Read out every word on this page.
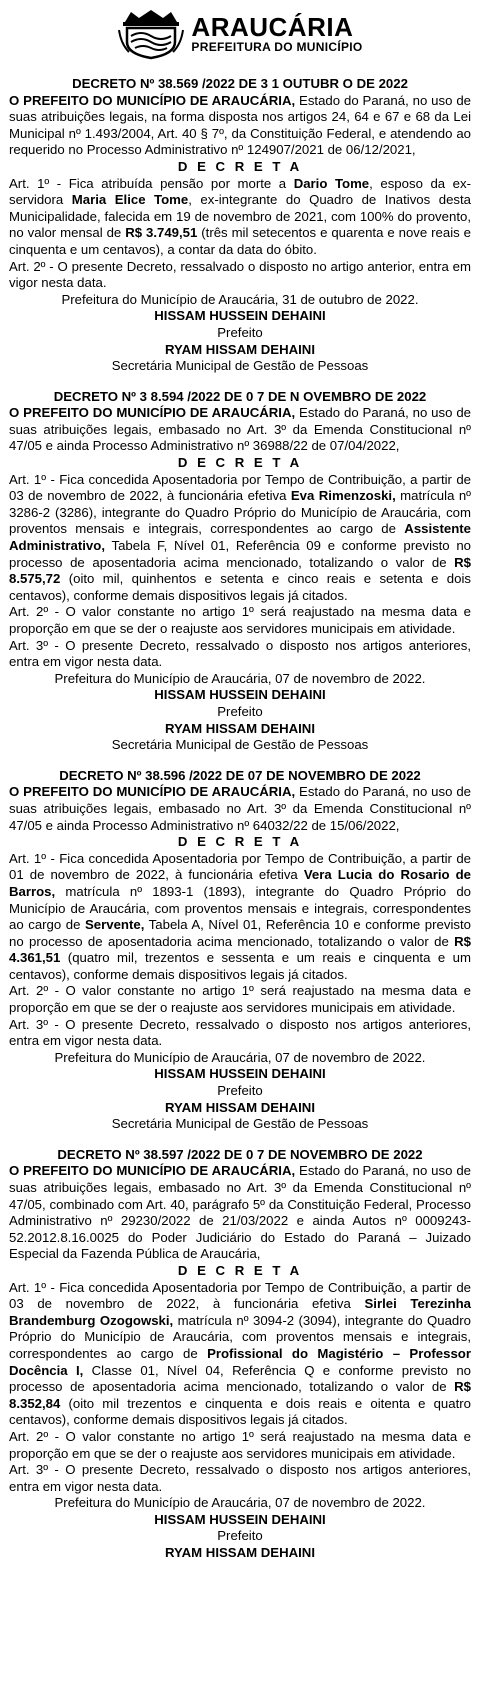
ARAUCÁRIA
PREFEITURA DO MUNICÍPIO

DECRETO Nº 38.569 /2022 DE 3 1 OUTUBR O DE 2022

O PREFEITO DO MUNICÍPIO DE ARAUCÁRIA, Estado do Paraná, no uso de suas atribuições legais, na forma disposta nos artigos 24, 64 e 67 e 68 da Lei Municipal nº 1.493/2004, Art. 40 § 7º, da Constituição Federal, e atendendo ao requerido no Processo Administrativo nº 124907/2021 de 06/12/2021,

D E C R E T A

Art. 1º - Fica atribuída pensão por morte a Dario Tome, esposo da ex-servidora Maria Elice Tome, ex-integrante do Quadro de Inativos desta Municipalidade, falecida em 19 de novembro de 2021, com 100% do provento, no valor mensal de R$ 3.749,51 (três mil setecentos e quarenta e nove reais e cinquenta e um centavos), a contar da data do óbito.

Art. 2º - O presente Decreto, ressalvado o disposto no artigo anterior, entra em vigor nesta data.

Prefeitura do Município de Araucária, 31 de outubro de 2022.

HISSAM HUSSEIN DEHAINI

Prefeito

RYAM HISSAM DEHAINI

Secretária Municipal de Gestão de Pessoas

DECRETO Nº 3 8.594 /2022 DE 0 7 DE N OVEMBRO DE 2022

O PREFEITO DO MUNICÍPIO DE ARAUCÁRIA, Estado do Paraná, no uso de suas atribuições legais, embasado no Art. 3º da Emenda Constitucional nº 47/05 e ainda Processo Administrativo nº 36988/22 de 07/04/2022,

D E C R E T A

Art. 1º - Fica concedida Aposentadoria por Tempo de Contribuição, a partir de 03 de novembro de 2022, à funcionária efetiva Eva Rimenzoski, matrícula nº 3286-2 (3286), integrante do Quadro Próprio do Município de Araucária, com proventos mensais e integrais, correspondentes ao cargo de Assistente Administrativo, Tabela F, Nível 01, Referência 09 e conforme previsto no processo de aposentadoria acima mencionado, totalizando o valor de R$ 8.575,72 (oito mil, quinhentos e setenta e cinco reais e setenta e dois centavos), conforme demais dispositivos legais já citados.

Art. 2º - O valor constante no artigo 1º será reajustado na mesma data e proporção em que se der o reajuste aos servidores municipais em atividade.

Art. 3º - O presente Decreto, ressalvado o disposto nos artigos anteriores, entra em vigor nesta data.

Prefeitura do Município de Araucária, 07 de novembro de 2022.

HISSAM HUSSEIN DEHAINI

Prefeito

RYAM HISSAM DEHAINI

Secretária Municipal de Gestão de Pessoas

DECRETO Nº 38.596 /2022 DE 07 DE NOVEMBRO DE 2022

O PREFEITO DO MUNICÍPIO DE ARAUCÁRIA, Estado do Paraná, no uso de suas atribuições legais, embasado no Art. 3º da Emenda Constitucional nº 47/05 e ainda Processo Administrativo nº 64032/22 de 15/06/2022,

D E C R E T A

Art. 1º - Fica concedida Aposentadoria por Tempo de Contribuição, a partir de 01 de novembro de 2022, à funcionária efetiva Vera Lucia do Rosario de Barros, matrícula nº 1893-1 (1893), integrante do Quadro Próprio do Município de Araucária, com proventos mensais e integrais, correspondentes ao cargo de Servente, Tabela A, Nível 01, Referência 10 e conforme previsto no processo de aposentadoria acima mencionado, totalizando o valor de R$ 4.361,51 (quatro mil, trezentos e sessenta e um reais e cinquenta e um centavos), conforme demais dispositivos legais já citados.

Art. 2º - O valor constante no artigo 1º será reajustado na mesma data e proporção em que se der o reajuste aos servidores municipais em atividade.

Art. 3º - O presente Decreto, ressalvado o disposto nos artigos anteriores, entra em vigor nesta data.

Prefeitura do Município de Araucária, 07 de novembro de 2022.

HISSAM HUSSEIN DEHAINI

Prefeito

RYAM HISSAM DEHAINI

Secretária Municipal de Gestão de Pessoas

DECRETO Nº 38.597 /2022 DE 0 7 DE NOVEMBRO DE 2022

O PREFEITO DO MUNICÍPIO DE ARAUCÁRIA, Estado do Paraná, no uso de suas atribuições legais, embasado no Art. 3º da Emenda Constitucional nº 47/05, combinado com Art. 40, parágrafo 5º da Constituição Federal, Processo Administrativo nº 29230/2022 de 21/03/2022 e ainda Autos nº 0009243-52.2012.8.16.0025 do Poder Judiciário do Estado do Paraná – Juizado Especial da Fazenda Pública de Araucária,

D E C R E T A

Art. 1º - Fica concedida Aposentadoria por Tempo de Contribuição, a partir de 03 de novembro de 2022, à funcionária efetiva Sirlei Terezinha Brandemburg Ozogowski, matrícula nº 3094-2 (3094), integrante do Quadro Próprio do Município de Araucária, com proventos mensais e integrais, correspondentes ao cargo de Profissional do Magistério – Professor Docência I, Classe 01, Nível 04, Referência Q e conforme previsto no processo de aposentadoria acima mencionado, totalizando o valor de R$ 8.352,84 (oito mil trezentos e cinquenta e dois reais e oitenta e quatro centavos), conforme demais dispositivos legais já citados.

Art. 2º - O valor constante no artigo 1º será reajustado na mesma data e proporção em que se der o reajuste aos servidores municipais em atividade.

Art. 3º - O presente Decreto, ressalvado o disposto nos artigos anteriores, entra em vigor nesta data.

Prefeitura do Município de Araucária, 07 de novembro de 2022.

HISSAM HUSSEIN DEHAINI

Prefeito

RYAM HISSAM DEHAINI
